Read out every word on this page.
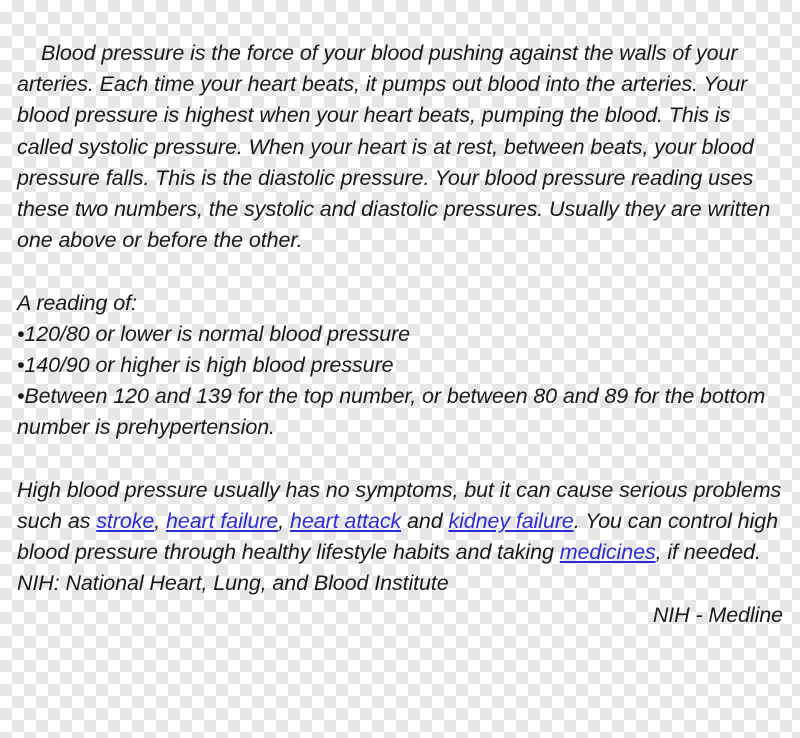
Blood pressure is the force of your blood pushing against the walls of your arteries. Each time your heart beats, it pumps out blood into the arteries. Your blood pressure is highest when your heart beats, pumping the blood. This is called systolic pressure. When your heart is at rest, between beats, your blood pressure falls. This is the diastolic pressure. Your blood pressure reading uses these two numbers, the systolic and diastolic pressures. Usually they are written one above or before the other.

A reading of:

•120/80 or lower is normal blood pressure

•140/90 or higher is high blood pressure

•Between 120 and 139 for the top number, or between 80 and 89 for the bottom number is prehypertension.

High blood pressure usually has no symptoms, but it can cause serious problems such as stroke, heart failure, heart attack and kidney failure. You can control high blood pressure through healthy lifestyle habits and taking medicines, if needed.

NIH: National Heart, Lung, and Blood Institute

NIH - Medline
